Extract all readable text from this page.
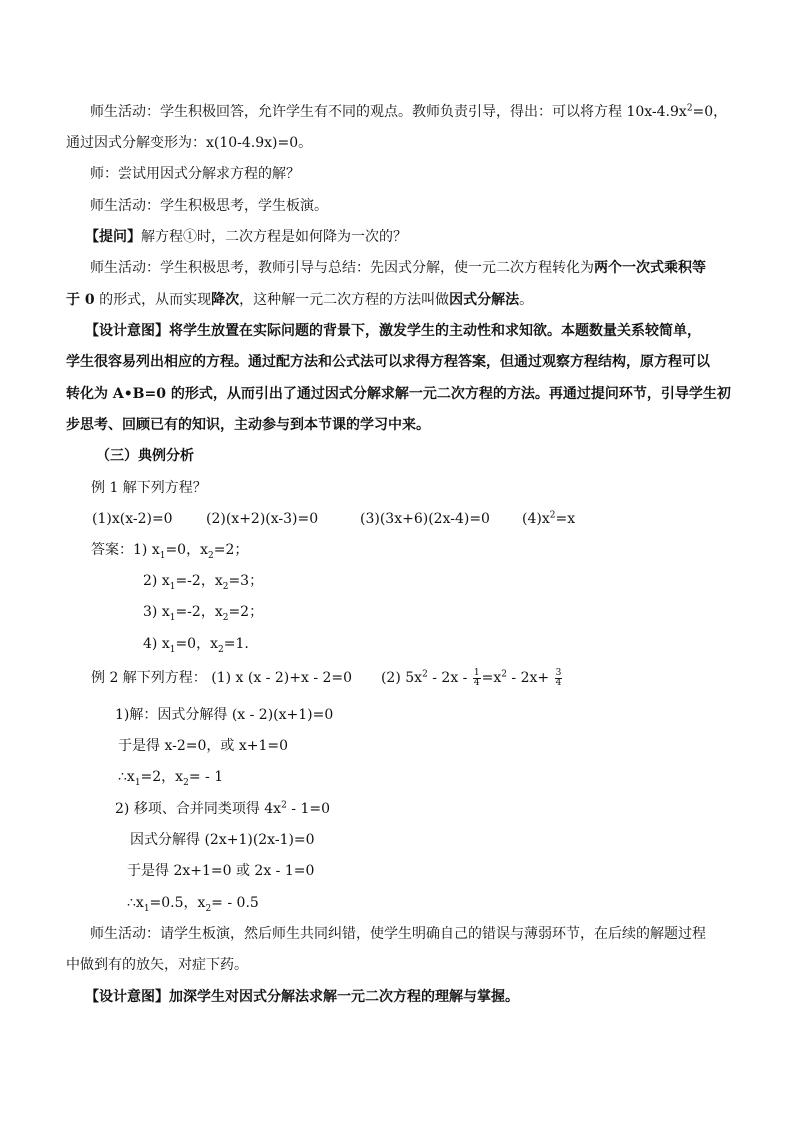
师生活动：学生积极回答，允许学生有不同的观点。教师负责引导，得出：可以将方程 $10x-4.9x^2=0$，
通过因式分解变形为：x(10-4.9x)=0。
师：尝试用因式分解求方程的解？
师生活动：学生积极思考，学生板演。
【提问】解方程①时，二次方程是如何降为一次的？
师生活动：学生积极思考，教师引导与总结：先因式分解，使一元二次方程转化为两个一次式乘积等
于 0 的形式，从而实现降次，这种解一元二次方程的方法叫做因式分解法。
【设计意图】将学生放置在实际问题的背景下，激发学生的主动性和求知欲。本题数量关系较简单，
学生很容易列出相应的方程。通过配方法和公式法可以求得方程答案，但通过观察方程结构，原方程可以
转化为 A•B=0 的形式，从而引出了通过因式分解求解一元二次方程的方法。再通过提问环节，引导学生初
步思考、回顾已有的知识，主动参与到本节课的学习中来。
（三）典例分析
例 1 解下列方程？
(1)x(x-2)=0 (2)(x+2)(x-3)=0	(3)(3x+6)(2x-4)=0 $(4)x^2=x$
答案：1) $x_1=0$，$x_2=2$；
2) $x_1=-2$，$x_2=3$；
3) $x_1=-2$，$x_2=2$；
4) $x_1=0$，$x_2=1$.
例 2 解下列方程： (1) x (x - 2)+x - 2=0 (2) $5x^2 - 2x - \frac{1}{4} =x^2 - 2x+ \frac{3}{4}$
1)解：因式分解得 (x - 2)(x+1)=0
于是得 x-2=0，或 x+1=0
$\therefore x_1=2$，$x_2= - 1$
2) 移项、合并同类项得 $4x^2 - 1=0$
因式分解得 (2x+1)(2x-1)=0
于是得 2x+1=0 或 2x - 1=0
$\therefore x_1=0.5$，$x_2= - 0.5$
师生活动：请学生板演，然后师生共同纠错，使学生明确自己的错误与薄弱环节，在后续的解题过程
中做到有的放矢，对症下药。
【设计意图】加深学生对因式分解法求解一元二次方程的理解与掌握。
